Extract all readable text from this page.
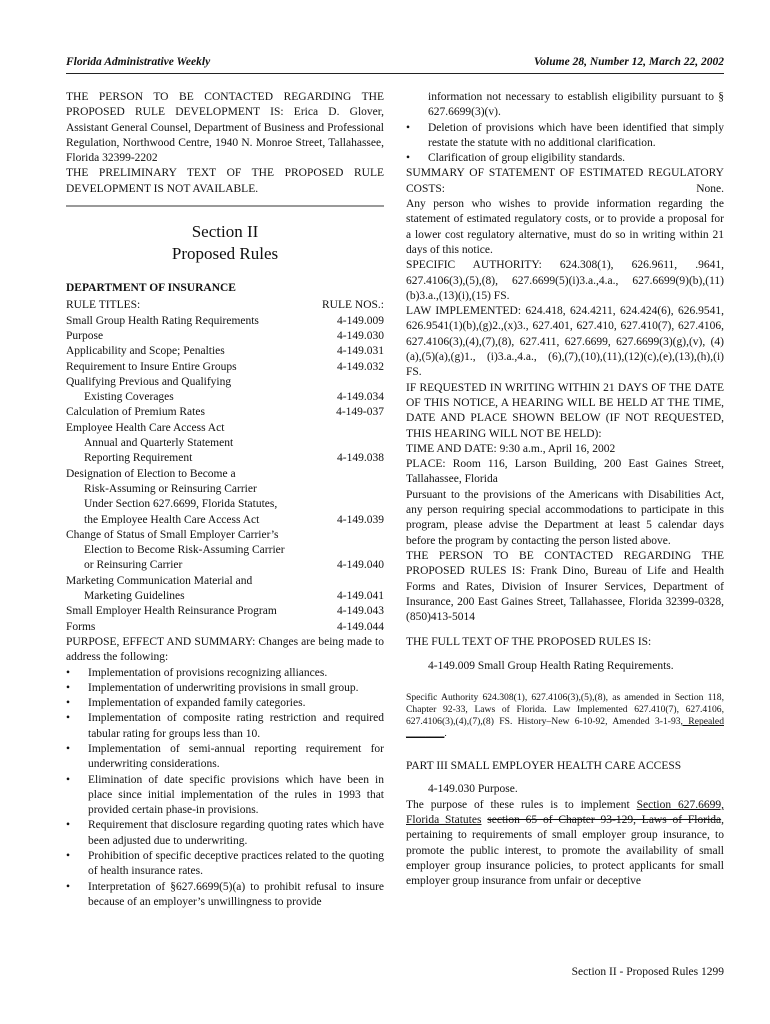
Florida Administrative Weekly	Volume 28, Number 12, March 22, 2002

THE PERSON TO BE CONTACTED REGARDING THE PROPOSED RULE DEVELOPMENT IS: Erica D. Glover, Assistant General Counsel, Department of Business and Professional Regulation, Northwood Centre, 1940 N. Monroe Street, Tallahassee, Florida 32399-2202

THE PRELIMINARY TEXT OF THE PROPOSED RULE DEVELOPMENT IS NOT AVAILABLE.

Section II
Proposed Rules
DEPARTMENT OF INSURANCE
RULE TITLES:	RULE NOS.:
Small Group Health Rating Requirements	4-149.009
Purpose	4-149.030
Applicability and Scope; Penalties	4-149.031
Requirement to Insure Entire Groups	4-149.032
Qualifying Previous and Qualifying
Existing Coverages	4-149.034
Calculation of Premium Rates	4-149-037
Employee Health Care Access Act
Annual and Quarterly Statement
Reporting Requirement	4-149.038
Designation of Election to Become a
Risk-Assuming or Reinsuring Carrier
Under Section 627.6699, Florida Statutes,
the Employee Health Care Access Act	4-149.039
Change of Status of Small Employer Carrier’s
Election to Become Risk-Assuming Carrier
or Reinsuring Carrier	4-149.040
Marketing Communication Material and
Marketing Guidelines	4-149.041
Small Employer Health Reinsurance Program	4-149.043
Forms	4-149.044

PURPOSE, EFFECT AND SUMMARY: Changes are being made to address the following:

• Implementation of provisions recognizing alliances.
• Implementation of underwriting provisions in small group.
• Implementation of expanded family categories.
• Implementation of composite rating restriction and required tabular rating for groups less than 10.
• Implementation of semi-annual reporting requirement for underwriting considerations.
• Elimination of date specific provisions which have been in place since initial implementation of the rules in 1993 that provided certain phase-in provisions.
• Requirement that disclosure regarding quoting rates which have been adjusted due to underwriting.
• Prohibition of specific deceptive practices related to the quoting of health insurance rates.
• Interpretation of §627.6699(5)(a) to prohibit refusal to insure because of an employer’s unwillingness to provide
information not necessary to establish eligibility pursuant to § 627.6699(3)(v).
• Deletion of provisions which have been identified that simply restate the statute with no additional clarification.
• Clarification of group eligibility standards.

SUMMARY OF STATEMENT OF ESTIMATED REGULATORY COSTS: None.

Any person who wishes to provide information regarding the statement of estimated regulatory costs, or to provide a proposal for a lower cost regulatory alternative, must do so in writing within 21 days of this notice.

SPECIFIC AUTHORITY: 624.308(1), 626.9611, .9641, 627.4106(3),(5),(8), 627.6699(5)(i)3.a.,4.a., 627.6699(9)(b),(11)(b)3.a.,(13)(i),(15) FS.

LAW IMPLEMENTED: 624.418, 624.4211, 624.424(6), 626.9541, 626.9541(1)(b),(g)2.,(x)3., 627.401, 627.410, 627.410(7), 627.4106, 627.4106(3),(4),(7),(8), 627.411, 627.6699, 627.6699(3)(g),(v), (4)(a),(5)(a),(g)1., (i)3.a.,4.a., (6),(7),(10),(11),(12)(c),(e),(13),(h),(i) FS.

IF REQUESTED IN WRITING WITHIN 21 DAYS OF THE DATE OF THIS NOTICE, A HEARING WILL BE HELD AT THE TIME, DATE AND PLACE SHOWN BELOW (IF NOT REQUESTED, THIS HEARING WILL NOT BE HELD):

TIME AND DATE: 9:30 a.m., April 16, 2002

PLACE: Room 116, Larson Building, 200 East Gaines Street, Tallahassee, Florida

Pursuant to the provisions of the Americans with Disabilities Act, any person requiring special accommodations to participate in this program, please advise the Department at least 5 calendar days before the program by contacting the person listed above.

THE PERSON TO BE CONTACTED REGARDING THE PROPOSED RULES IS: Frank Dino, Bureau of Life and Health Forms and Rates, Division of Insurer Services, Department of Insurance, 200 East Gaines Street, Tallahassee, Florida 32399-0328, (850)413-5014

THE FULL TEXT OF THE PROPOSED RULES IS:

4-149.009 Small Group Health Rating Requirements.

Specific Authority 624.308(1), 627.4106(3),(5),(8), as amended in Section 118, Chapter 92-33, Laws of Florida. Law Implemented 627.410(7), 627.4106, 627.4106(3),(4),(7),(8) FS. History–New 6-10-92, Amended 3-1-93, Repealed ________.

PART III SMALL EMPLOYER HEALTH CARE ACCESS

4-149.030 Purpose.

The purpose of these rules is to implement Section 627.6699, Florida Statutes section 65 of Chapter 93-129, Laws of Florida, pertaining to requirements of small employer group insurance, to promote the public interest, to promote the availability of small employer group insurance policies, to protect applicants for small employer group insurance from unfair or deceptive

Section II - Proposed Rules 1299
